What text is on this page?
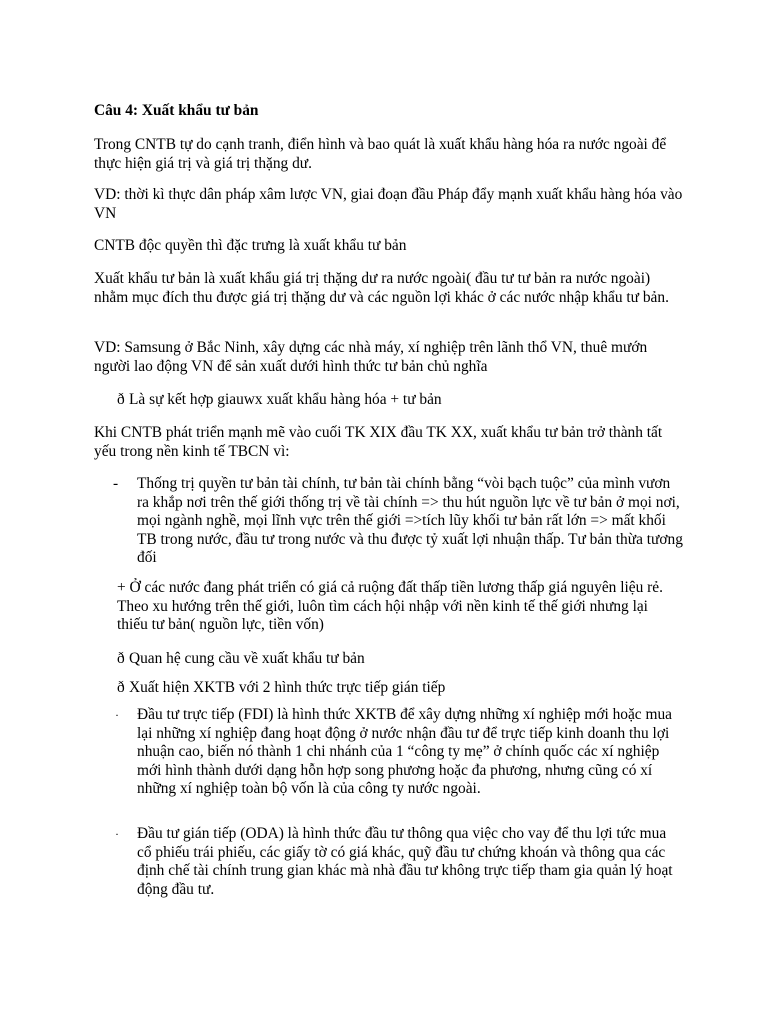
Câu 4: Xuất khẩu tư bản

Trong CNTB tự do cạnh tranh, điển hình và bao quát là xuất khẩu hàng hóa ra nước ngoài để thực hiện giá trị và giá trị thặng dư.

VD: thời kì thực dân pháp xâm lược VN, giai đoạn đầu Pháp đẩy mạnh xuất khẩu hàng hóa vào VN

CNTB độc quyền thì đặc trưng là xuất khẩu tư bản

Xuất khẩu tư bản là xuất khẩu giá trị thặng dư ra nước ngoài( đầu tư tư bản ra nước ngoài) nhằm mục đích thu được giá trị thặng dư và các nguồn lợi khác ở các nước nhập khẩu tư bản.

VD: Samsung ở Bắc Ninh, xây dựng các nhà máy, xí nghiệp trên lãnh thổ VN, thuê mướn người lao động VN để sản xuất dưới hình thức tư bản chủ nghĩa

ð Là sự kết hợp giauwx xuất khẩu hàng hóa + tư bản

Khi CNTB phát triển mạnh mẽ vào cuối TK XIX đầu TK XX, xuất khẩu tư bản trở thành tất yếu trong nền kinh tế TBCN vì:

- Thống trị quyền tư bản tài chính, tư bản tài chính bằng “vòi bạch tuộc” của mình vươn ra khắp nơi trên thế giới thống trị về tài chính => thu hút nguồn lực về tư bản ở mọi nơi, mọi ngành nghề, mọi lĩnh vực trên thế giới =>tích lũy khối tư bản rất lớn => mất khối TB trong nước, đầu tư trong nước và thu được tỷ xuất lợi nhuận thấp. Tư bản thừa tương đối

+ Ở các nước đang phát triển có giá cả ruộng đất thấp tiền lương thấp giá nguyên liệu rẻ. Theo xu hướng trên thế giới, luôn tìm cách hội nhập với nền kinh tế thế giới nhưng lại thiếu tư bản( nguồn lực, tiền vốn)

ð Quan hệ cung cầu về xuất khẩu tư bản

ð Xuất hiện XKTB với 2 hình thức trực tiếp gián tiếp

· Đầu tư trực tiếp (FDI) là hình thức XKTB để xây dựng những xí nghiệp mới hoặc mua lại những xí nghiệp đang hoạt động ở nước nhận đầu tư để trực tiếp kinh doanh thu lợi nhuận cao, biến nó thành 1 chi nhánh của 1 “công ty mẹ” ở chính quốc các xí nghiệp mới hình thành dưới dạng hỗn hợp song phương hoặc đa phương, nhưng cũng có xí những xí nghiệp toàn bộ vốn là của công ty nước ngoài.
· Đầu tư gián tiếp (ODA) là hình thức đầu tư thông qua việc cho vay để thu lợi tức mua cổ phiếu trái phiếu, các giấy tờ có giá khác, quỹ đầu tư chứng khoán và thông qua các định chế tài chính trung gian khác mà nhà đầu tư không trực tiếp tham gia quản lý hoạt động đầu tư.
